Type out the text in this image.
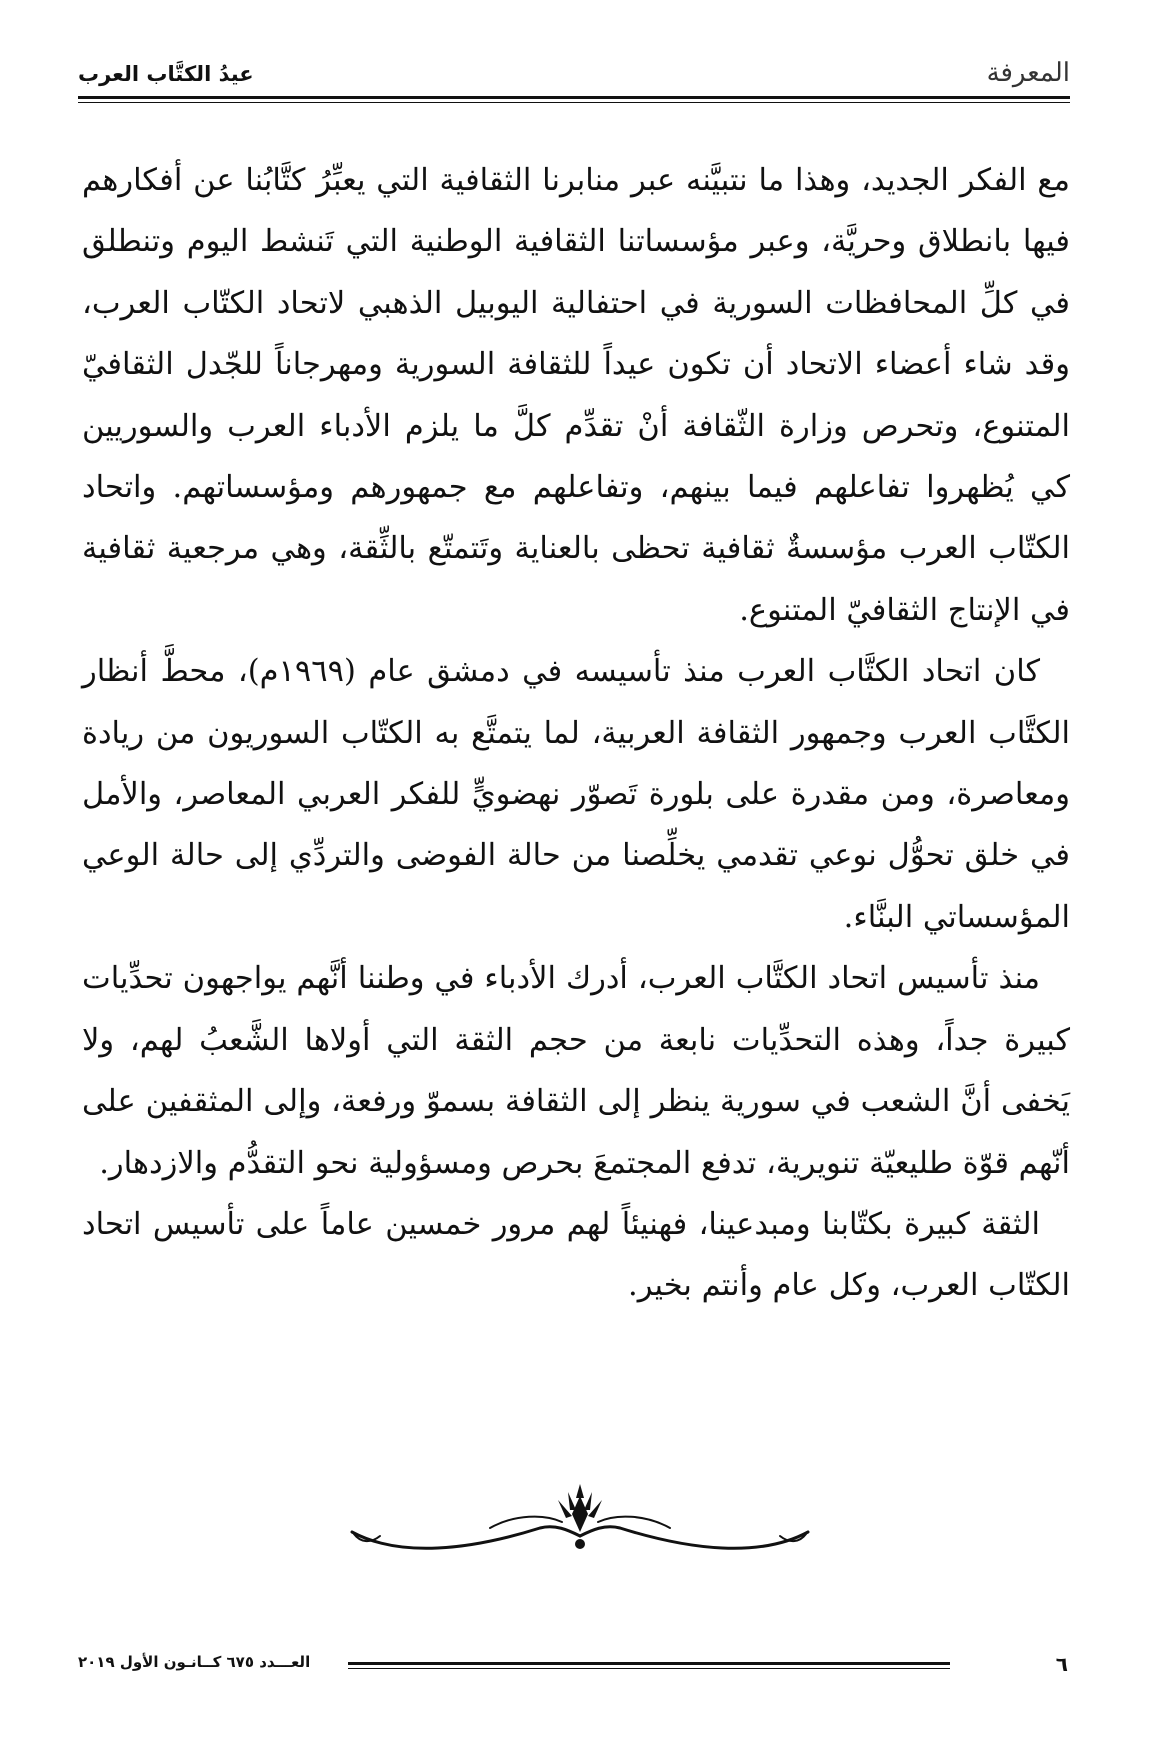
المعرفة
عيدُ الكتَّاب العرب

مع الفكر الجديد، وهذا ما نتبيَّنه عبر منابرنا الثقافية التي يعبِّرُ كتَّابُنا عن أفكارهم فيها بانطلاق وحريَّة، وعبر مؤسساتنا الثقافية الوطنية التي تَنشط اليوم وتنطلق في كلِّ المحافظات السورية في احتفالية اليوبيل الذهبي لاتحاد الكتّاب العرب، وقد شاء أعضاء الاتحاد أن تكون عيداً للثقافة السورية ومهرجاناً للجّدل الثقافيّ المتنوع، وتحرص وزارة الثّقافة أنْ تقدِّم كلَّ ما يلزم الأدباء العرب والسوريين كي يُظهروا تفاعلهم فيما بينهم، وتفاعلهم مع جمهورهم ومؤسساتهم. واتحاد الكتّاب العرب مؤسسةٌ ثقافية تحظى بالعناية وتَتمتّع بالثِّقة، وهي مرجعية ثقافية في الإنتاج الثقافيّ المتنوع.

كان اتحاد الكتَّاب العرب منذ تأسيسه في دمشق عام (١٩٦٩م)، محطَّ أنظار الكتَّاب العرب وجمهور الثقافة العربية، لما يتمتَّع به الكتّاب السوريون من ريادة ومعاصرة، ومن مقدرة على بلورة تَصوّر نهضويٍّ للفكر العربي المعاصر، والأمل في خلق تحوُّل نوعي تقدمي يخلِّصنا من حالة الفوضى والتردِّي إلى حالة الوعي المؤسساتي البنَّاء.

منذ تأسيس اتحاد الكتَّاب العرب، أدرك الأدباء في وطننا أنَّهم يواجهون تحدِّيات كبيرة جداً، وهذه التحدِّيات نابعة من حجم الثقة التي أولاها الشَّعبُ لهم، ولا يَخفى أنَّ الشعب في سورية ينظر إلى الثقافة بسموّ ورفعة، وإلى المثقفين على أنّهم قوّة طليعيّة تنويرية، تدفع المجتمعَ بحرص ومسؤولية نحو التقدُّم والازدهار.

الثقة كبيرة بكتّابنا ومبدعينا، فهنيئاً لهم مرور خمسين عاماً على تأسيس اتحاد الكتّاب العرب، وكل عام وأنتم بخير.

العـــدد ٦٧٥ كــانـون الأول ٢٠١٩	٦
